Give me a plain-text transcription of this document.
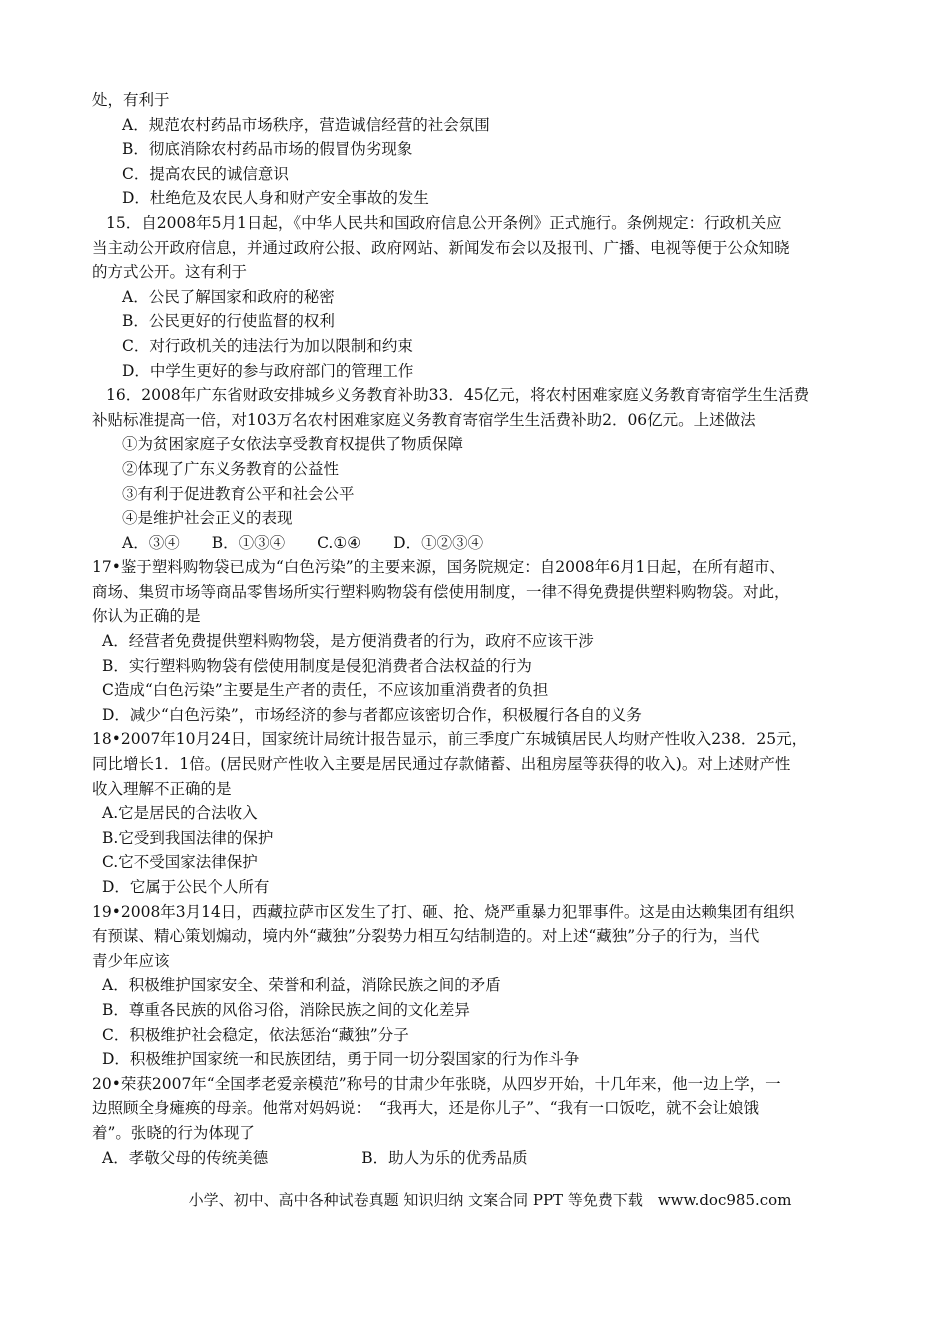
处，有利于
A．规范农村药品市场秩序，营造诚信经营的社会氛围
B．彻底消除农村药品市场的假冒伪劣现象
C．提高农民的诚信意识
D．杜绝危及农民人身和财产安全事故的发生
15．自2008年5月1日起，《中华人民共和国政府信息公开条例》正式施行。条例规定：行政机关应
当主动公开政府信息，并通过政府公报、政府网站、新闻发布会以及报刊、广播、电视等便于公众知晓
的方式公开。这有利于
A．公民了解国家和政府的秘密
B．公民更好的行使监督的权利
C．对行政机关的违法行为加以限制和约束
D．中学生更好的参与政府部门的管理工作
16．2008年广东省财政安排城乡义务教育补助33．45亿元，将农村困难家庭义务教育寄宿学生生活费
补贴标准提高一倍，对103万名农村困难家庭义务教育寄宿学生生活费补助2．06亿元。上述做法
①为贫困家庭子女依法享受教育权提供了物质保障
②体现了广东义务教育的公益性
③有利于促进教育公平和社会公平
④是维护社会正义的表现
A．③④ B．①③④ C.①④ D．①②③④
17•鉴于塑料购物袋已成为“白色污染”的主要来源，国务院规定：自2008年6月1日起，在所有超市、
商场、集贸市场等商品零售场所实行塑料购物袋有偿使用制度，一律不得免费提供塑料购物袋。对此，
你认为正确的是
A．经营者免费提供塑料购物袋，是方便消费者的行为，政府不应该干涉
B．实行塑料购物袋有偿使用制度是侵犯消费者合法权益的行为
C造成“白色污染”主要是生产者的责任，不应该加重消费者的负担
D．减少“白色污染”，市场经济的参与者都应该密切合作，积极履行各自的义务
18•2007年10月24日，国家统计局统计报告显示，前三季度广东城镇居民人均财产性收入238．25元，
同比增长1．1倍。(居民财产性收入主要是居民通过存款储蓄、出租房屋等获得的收入)。对上述财产性
收入理解不正确的是
A.它是居民的合法收入
B.它受到我国法律的保护
C.它不受国家法律保护
D．它属于公民个人所有
19•2008年3月14日，西藏拉萨市区发生了打、砸、抢、烧严重暴力犯罪事件。这是由达赖集团有组织
有预谋、精心策划煽动，境内外“藏独”分裂势力相互勾结制造的。对上述“藏独”分子的行为，当代
青少年应该
A．积极维护国家安全、荣誉和利益，消除民族之间的矛盾
B．尊重各民族的风俗习俗，消除民族之间的文化差异
C．积极维护社会稳定，依法惩治“藏独”分子
D．积极维护国家统一和民族团结，勇于同一切分裂国家的行为作斗争
20•荣获2007年“全国孝老爱亲模范”称号的甘肃少年张晓，从四岁开始，十几年来，他一边上学，一
边照顾全身瘫痪的母亲。他常对妈妈说：　“我再大，还是你儿子”、“我有一口饭吃，就不会让娘饿
着”。张晓的行为体现了
A．孝敬父母的传统美德　　　　　　B．助人为乐的优秀品质
小学、初中、高中各种试卷真题 知识归纳 文案合同 PPT 等免费下载　www.doc985.com
